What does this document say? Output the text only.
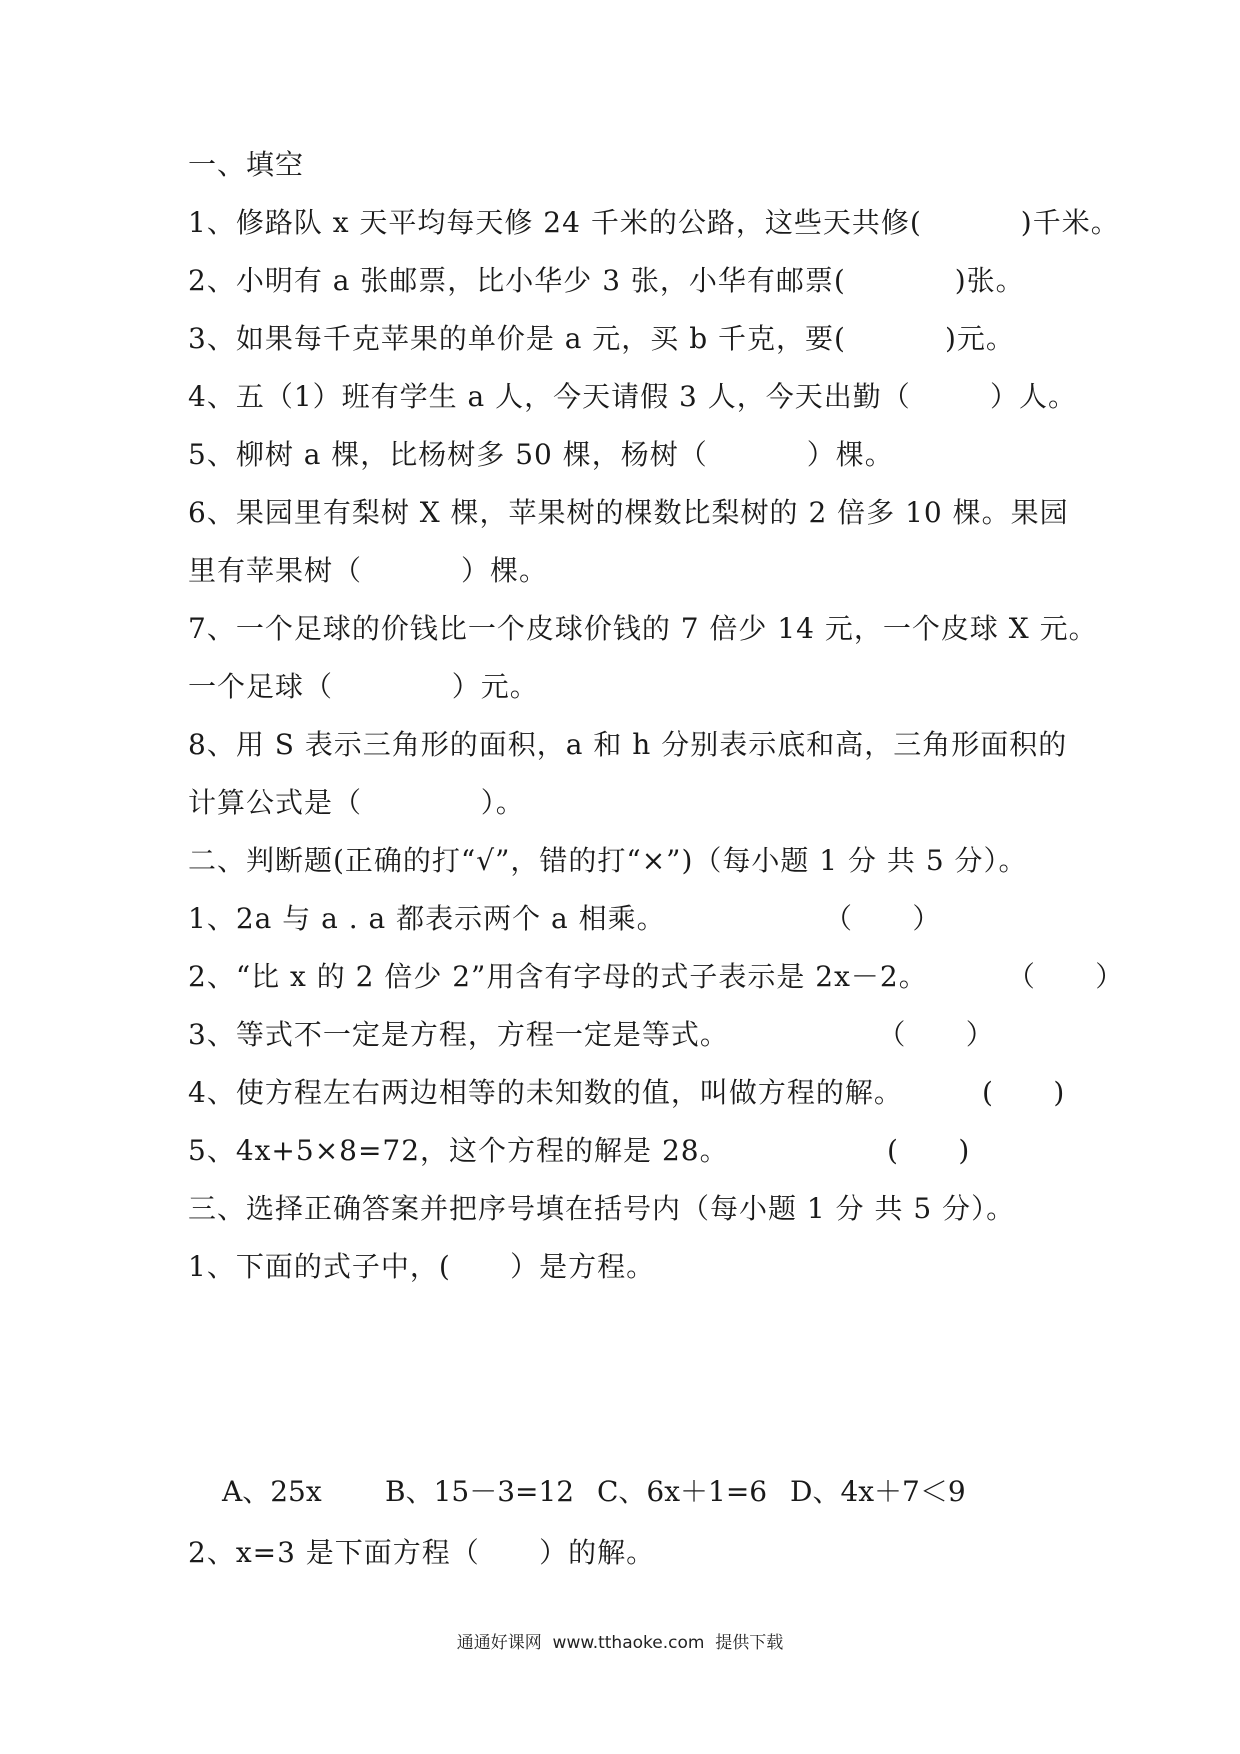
一、填空
1、修路队 x 天平均每天修 24 千米的公路，这些天共修(          )千米。
2、小明有 a 张邮票，比小华少 3 张，小华有邮票(           )张。
3、如果每千克苹果的单价是 a 元，买 b 千克，要(          )元。
4、五（1）班有学生 a 人，今天请假 3 人，今天出勤（        ）人。
5、柳树 a 棵，比杨树多 50 棵，杨树（          ）棵。
6、果园里有梨树 X 棵，苹果树的棵数比梨树的 2 倍多 10 棵。果园
里有苹果树（          ）棵。
7、一个足球的价钱比一个皮球价钱的 7 倍少 14 元，一个皮球 X 元。
一个足球（            ）元。
8、用 S 表示三角形的面积，a 和 h 分别表示底和高，三角形面积的
计算公式是（            ）。
二、判断题(正确的打“√”，错的打“×”)（每小题 1 分 共 5 分）。
1、2a 与 a . a 都表示两个 a 相乘。                （      ）
2、“比 x 的 2 倍少 2”用含有字母的式子表示是 2x－2。        （      ）
3、等式不一定是方程，方程一定是等式。               （      ）
4、使方程左右两边相等的未知数的值，叫做方程的解。        (      )
5、4x+5×8=72，这个方程的解是 28。                (      )
三、选择正确答案并把序号填在括号内（每小题 1 分 共 5 分）。
1、下面的式子中，(      ）是方程。
A、25x B、15－3=12 C、6x＋1=6 D、4x＋7＜9
2、x=3 是下面方程（      ）的解。
通通好课网  www.tthaoke.com  提供下载
